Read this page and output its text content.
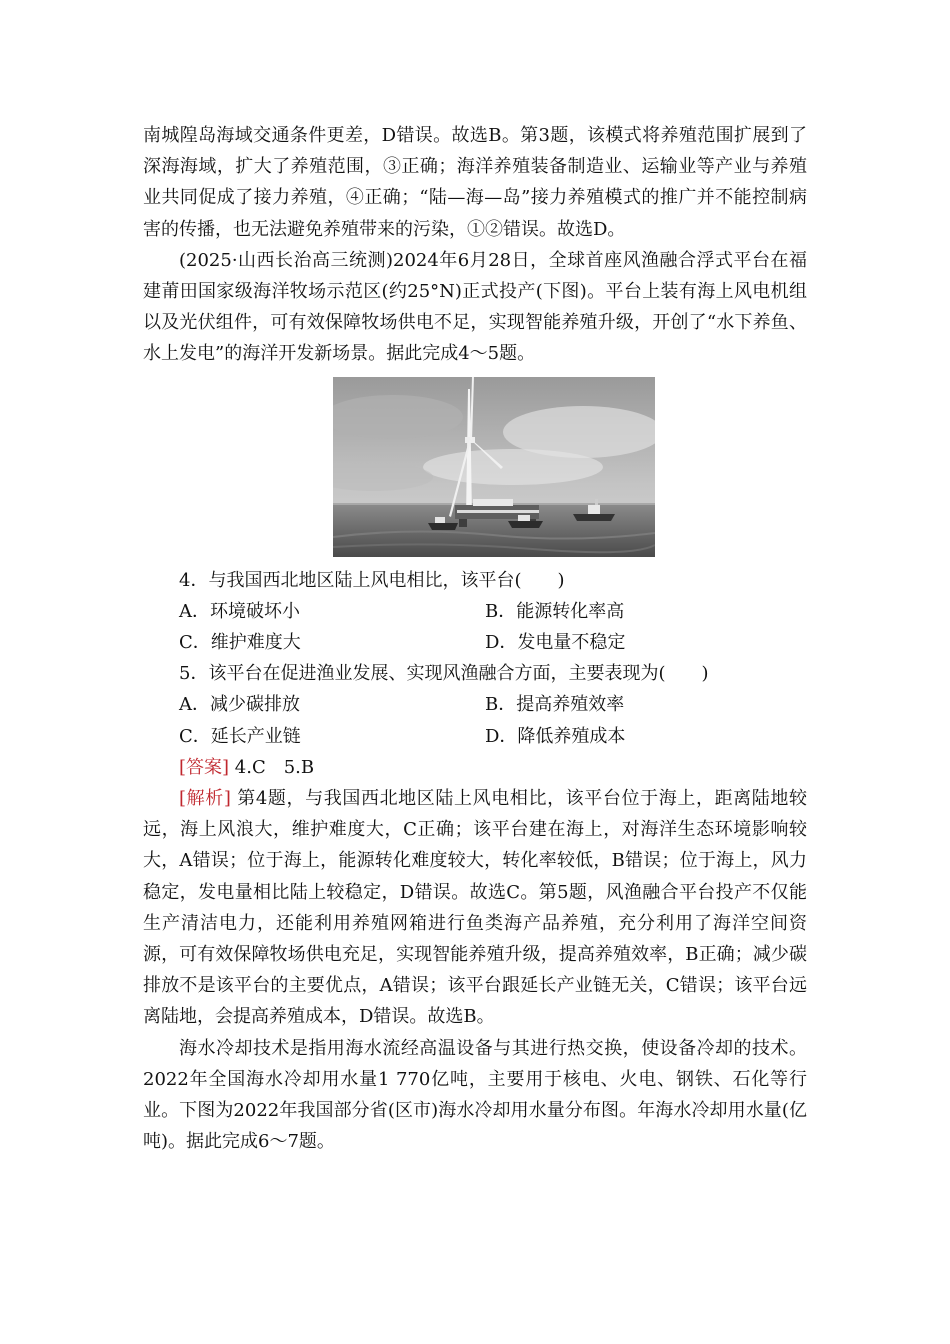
南城隍岛海域交通条件更差，D错误。故选B。第3题，该模式将养殖范围扩展到了深海海域，扩大了养殖范围，③正确；海洋养殖装备制造业、运输业等产业与养殖业共同促成了接力养殖，④正确；“陆—海—岛”接力养殖模式的推广并不能控制病害的传播，也无法避免养殖带来的污染，①②错误。故选D。

(2025·山西长治高三统测)2024年6月28日，全球首座风渔融合浮式平台在福建莆田国家级海洋牧场示范区(约25°N)正式投产(下图)。平台上装有海上风电机组以及光伏组件，可有效保障牧场供电不足，实现智能养殖升级，开创了“水下养鱼、水上发电”的海洋开发新场景。据此完成4～5题。

4．与我国西北地区陆上风电相比，该平台(　　)

A．环境破坏小	B．能源转化率高
C．维护难度大	D．发电量不稳定

5．该平台在促进渔业发展、实现风渔融合方面，主要表现为(　　)

A．减少碳排放	B．提高养殖效率
C．延长产业链	D．降低养殖成本

[答案] 4.C　5.B

[解析] 第4题，与我国西北地区陆上风电相比，该平台位于海上，距离陆地较远，海上风浪大，维护难度大，C正确；该平台建在海上，对海洋生态环境影响较大，A错误；位于海上，能源转化难度较大，转化率较低，B错误；位于海上，风力稳定，发电量相比陆上较稳定，D错误。故选C。第5题，风渔融合平台投产不仅能生产清洁电力，还能利用养殖网箱进行鱼类海产品养殖，充分利用了海洋空间资源，可有效保障牧场供电充足，实现智能养殖升级，提高养殖效率，B正确；减少碳排放不是该平台的主要优点，A错误；该平台跟延长产业链无关，C错误；该平台远离陆地，会提高养殖成本，D错误。故选B。

海水冷却技术是指用海水流经高温设备与其进行热交换，使设备冷却的技术。2022年全国海水冷却用水量1 770亿吨，主要用于核电、火电、钢铁、石化等行业。下图为2022年我国部分省(区市)海水冷却用水量分布图。年海水冷却用水量(亿吨)。据此完成6～7题。
